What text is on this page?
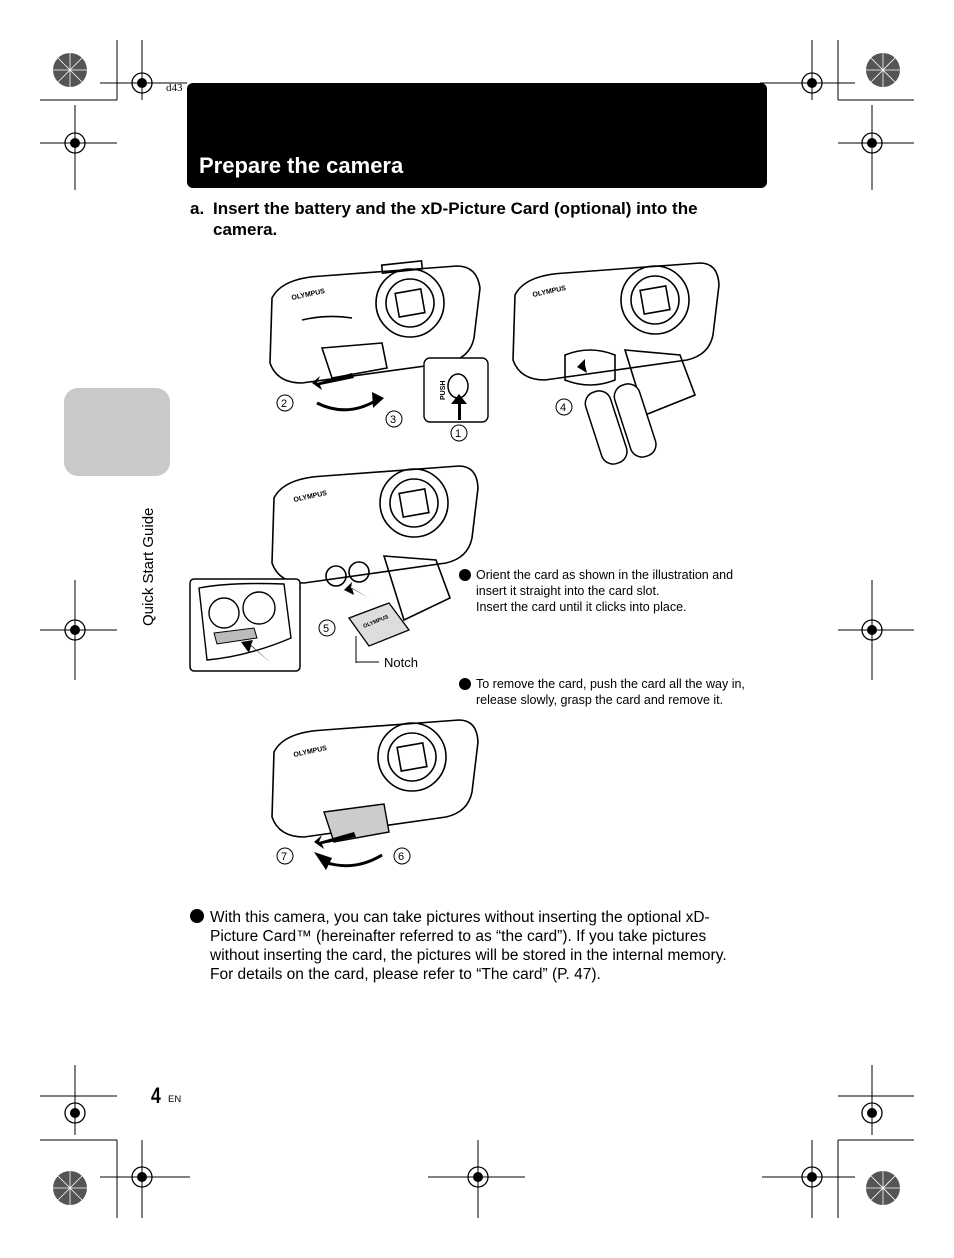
d43
Prepare the camera
Quick Start Guide
a. Insert the battery and the xD-Picture Card (optional) into the camera.
OLYMPUS
PUSH
2
3
1
OLYMPUS
4
OLYMPUS
OLYMPUS
Notch
5
Orient the card as shown in the illustration and
insert it straight into the card slot.
Insert the card until it clicks into place.
To remove the card, push the card all the way in,
release slowly, grasp the card and remove it.
OLYMPUS
7	6
With this camera, you can take pictures without inserting the optional xD-
Picture Card™ (hereinafter referred to as “the card”). If you take pictures
without inserting the card, the pictures will be stored in the internal memory.
For details on the card, please refer to “The card” (P. 47).
4 EN
